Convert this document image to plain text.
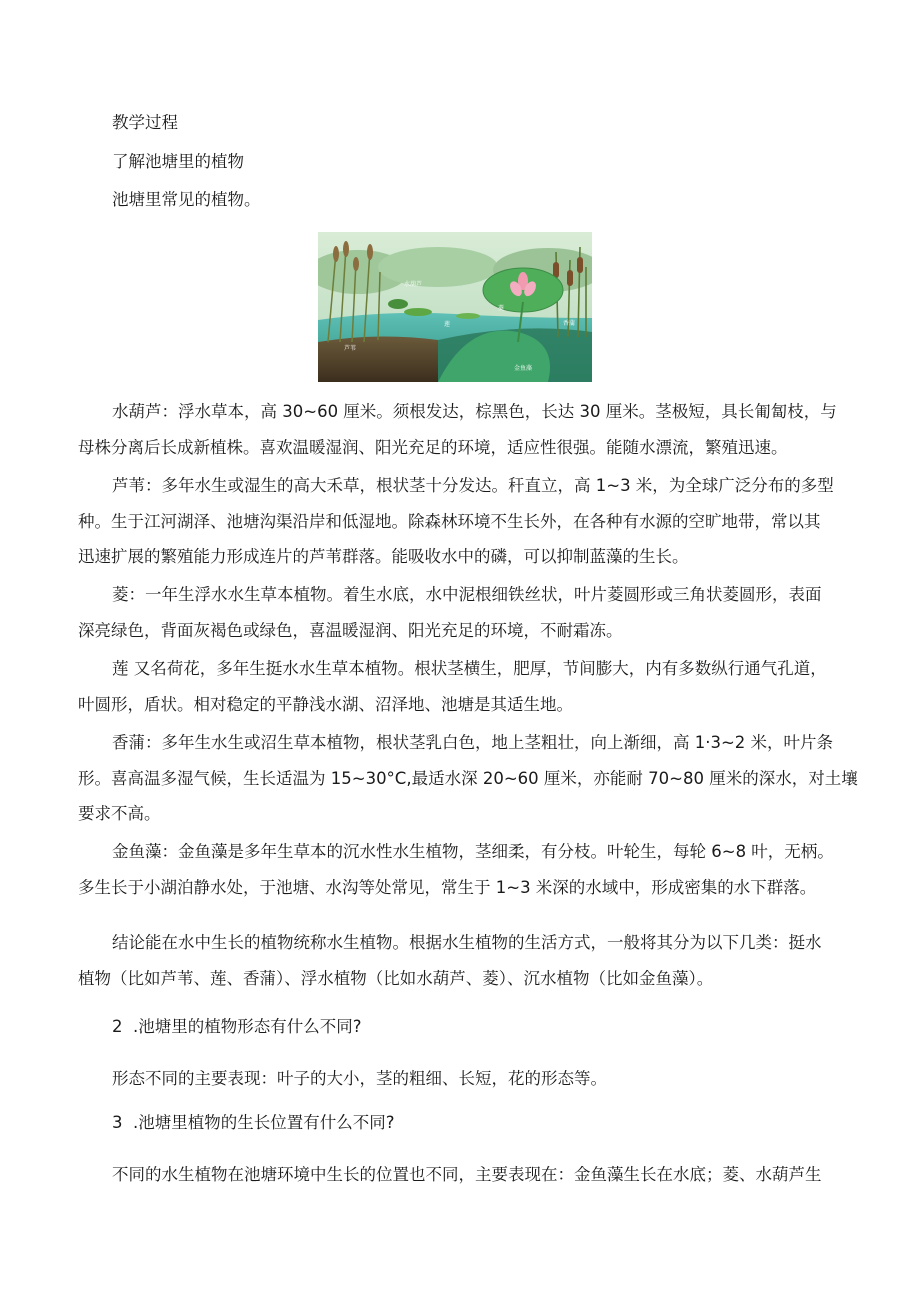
教学过程
了解池塘里的植物
池塘里常见的植物。
水葫芦
菱
莲
芦苇
香蒲
金鱼藻
水葫芦：浮水草本，高 30~60 厘米。须根发达，棕黑色，长达 30 厘米。茎极短，具长匍匐枝，与
母株分离后长成新植株。喜欢温暖湿润、阳光充足的环境，适应性很强。能随水漂流，繁殖迅速。
芦苇：多年水生或湿生的高大禾草，根状茎十分发达。秆直立，高 1~3 米，为全球广泛分布的多型
种。生于江河湖泽、池塘沟渠沿岸和低湿地。除森林环境不生长外，在各种有水源的空旷地带，常以其
迅速扩展的繁殖能力形成连片的芦苇群落。能吸收水中的磷，可以抑制蓝藻的生长。
菱：一年生浮水水生草本植物。着生水底，水中泥根细铁丝状，叶片菱圆形或三角状菱圆形，表面
深亮绿色，背面灰褐色或绿色，喜温暖湿润、阳光充足的环境，不耐霜冻。
莲 又名荷花，多年生挺水水生草本植物。根状茎横生，肥厚，节间膨大，内有多数纵行通气孔道，
叶圆形，盾状。相对稳定的平静浅水湖、沼泽地、池塘是其适生地。
香蒲：多年生水生或沼生草本植物，根状茎乳白色，地上茎粗壮，向上渐细，高 1·3~2 米，叶片条
形。喜高温多湿气候，生长适温为 15~30°C,最适水深 20~60 厘米，亦能耐 70~80 厘米的深水，对土壤
要求不高。
金鱼藻：金鱼藻是多年生草本的沉水性水生植物，茎细柔，有分枝。叶轮生，每轮 6~8 叶，无柄。
多生长于小湖泊静水处，于池塘、水沟等处常见，常生于 1~3 米深的水域中，形成密集的水下群落。
结论能在水中生长的植物统称水生植物。根据水生植物的生活方式，一般将其分为以下几类：挺水
植物（比如芦苇、莲、香蒲）、浮水植物（比如水葫芦、菱）、沉水植物（比如金鱼藻）。
2  .池塘里的植物形态有什么不同?
形态不同的主要表现：叶子的大小，茎的粗细、长短，花的形态等。
3  .池塘里植物的生长位置有什么不同?
不同的水生植物在池塘环境中生长的位置也不同，主要表现在：金鱼藻生长在水底；菱、水葫芦生
